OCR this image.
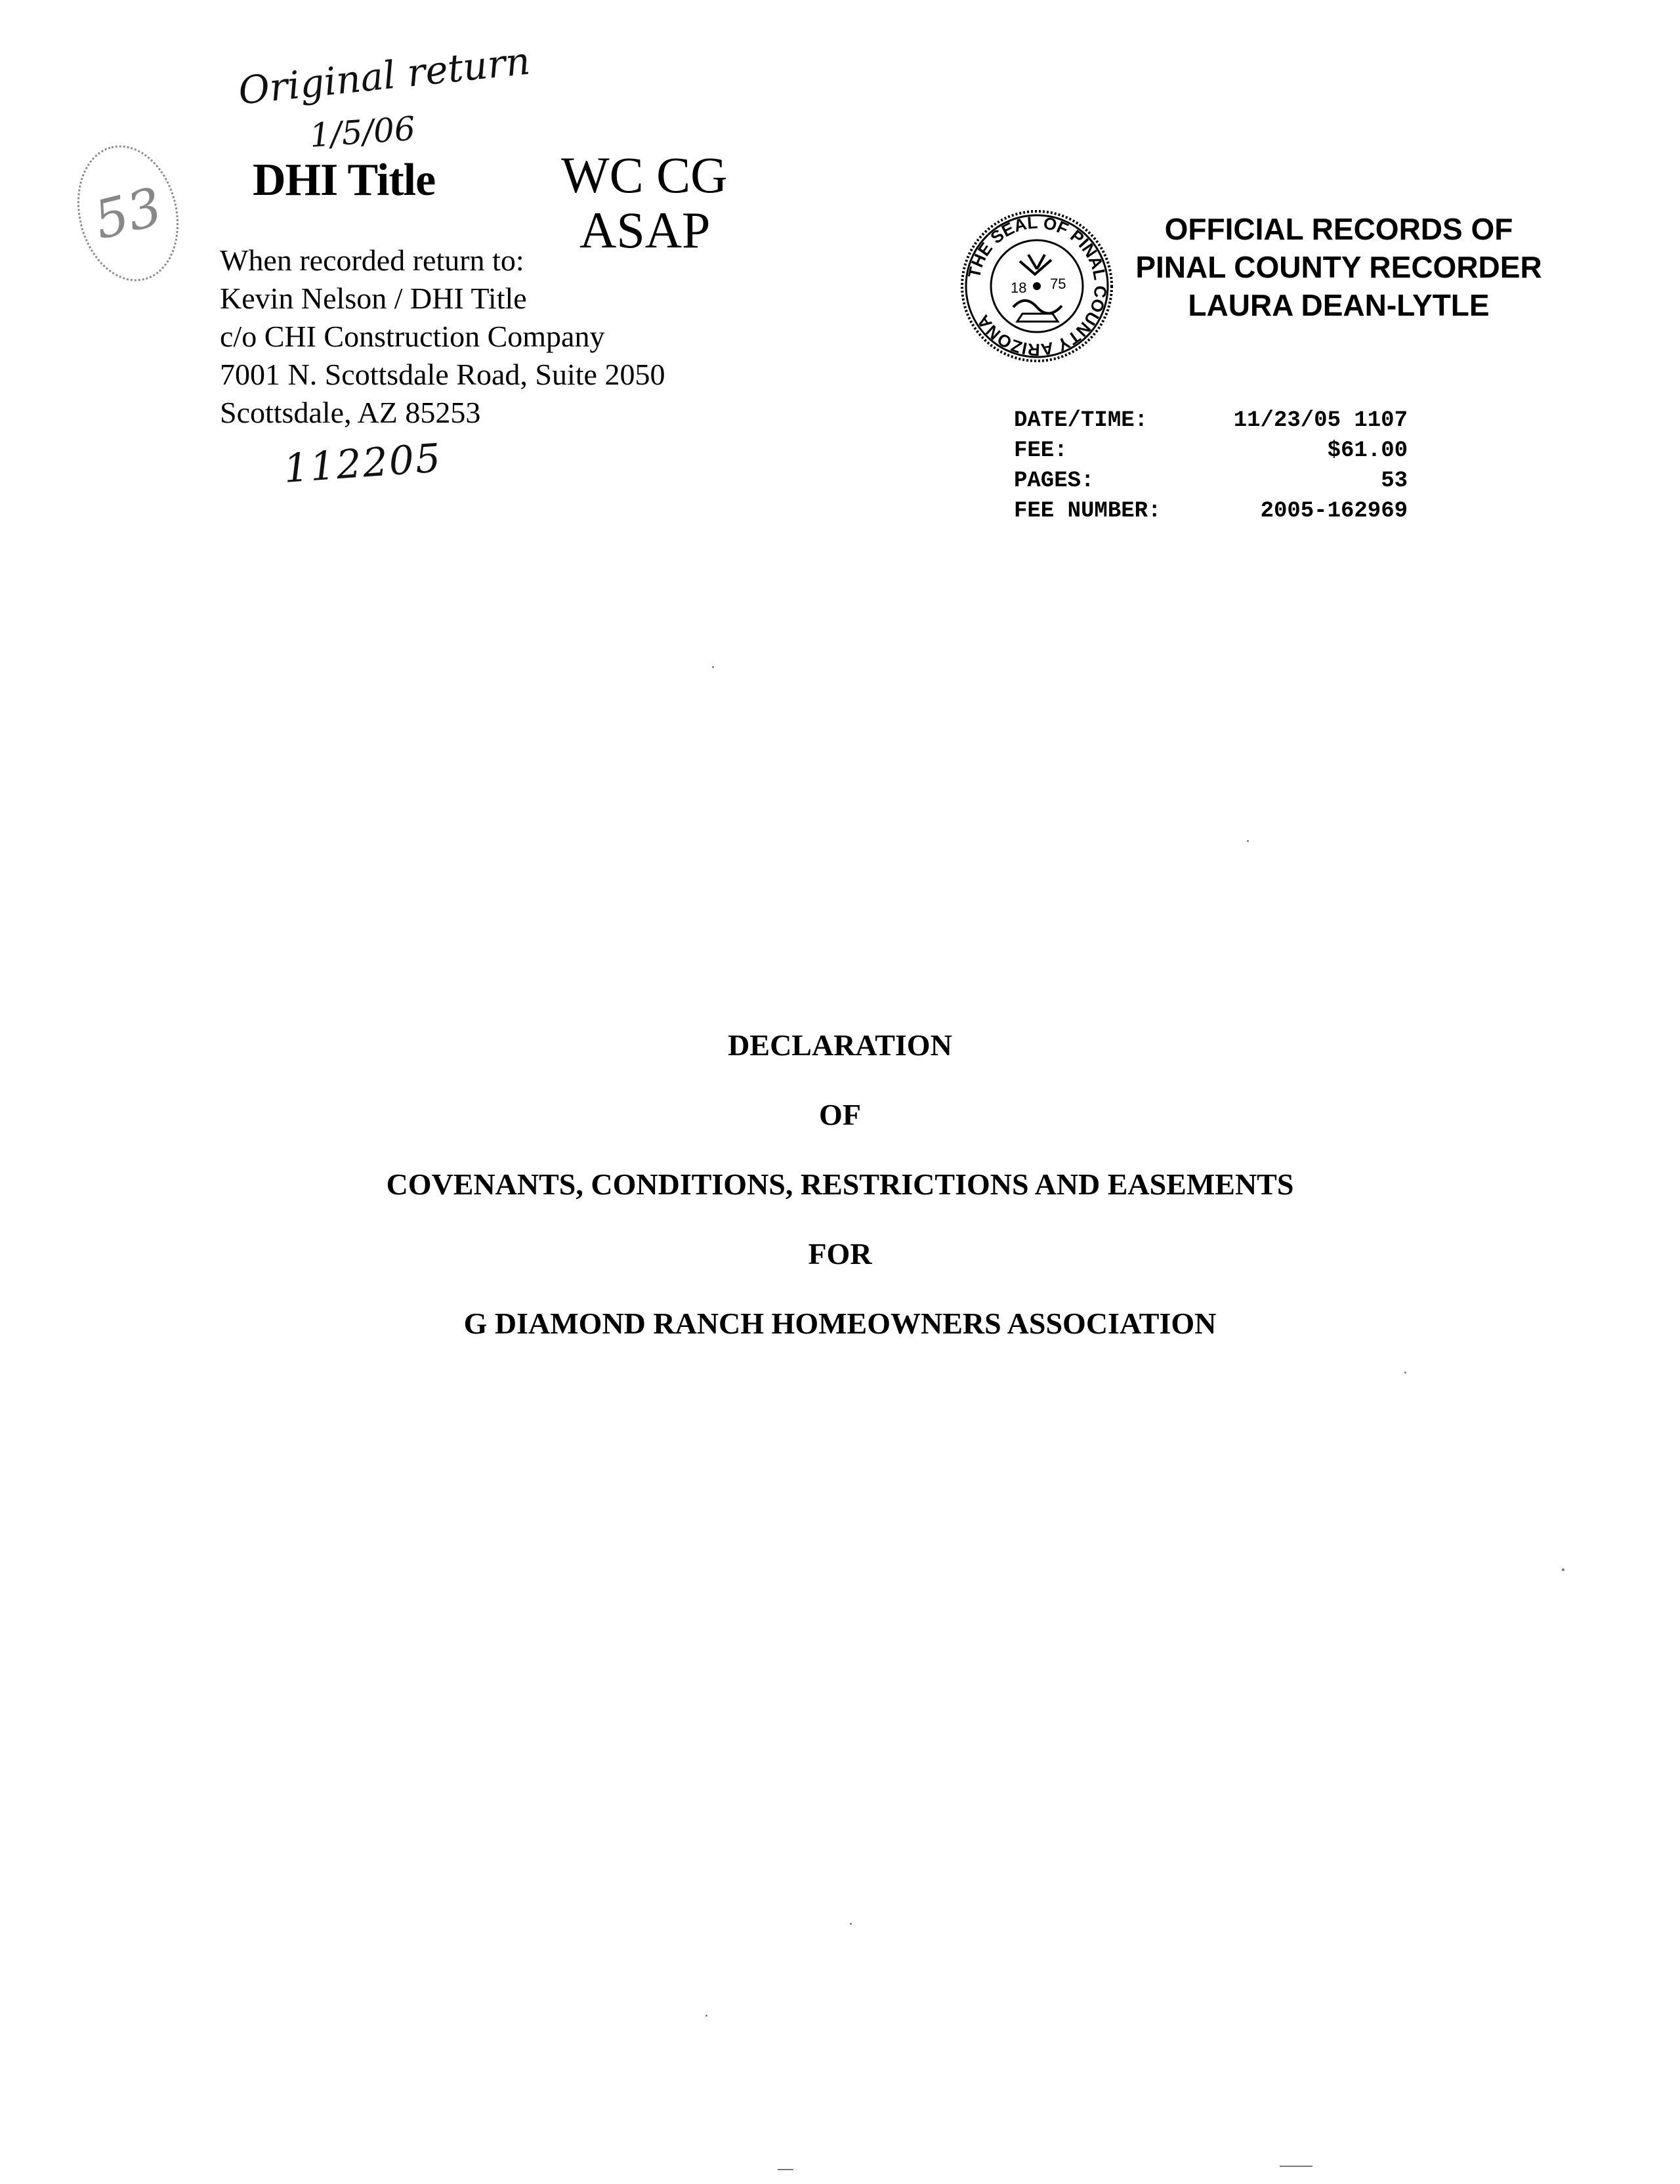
Original return
1/5/06
53 DHI Title WC CG
ASAP
When recorded return to:
Kevin Nelson / DHI Title
c/o CHI Construction Company
7001 N. Scottsdale Road, Suite 2050
Scottsdale, AZ 85253
112205
THE SEAL OF PINAL COUNTY ARIZONA
18 75
OFFICIAL RECORDS OF
PINAL COUNTY RECORDER
LAURA DEAN-LYTLE
DATE/TIME:	11/23/05 1107
FEE:	$61.00
PAGES:	53
FEE NUMBER:	2005-162969
DECLARATION
OF
COVENANTS, CONDITIONS, RESTRICTIONS AND EASEMENTS
FOR
G DIAMOND RANCH HOMEOWNERS ASSOCIATION
